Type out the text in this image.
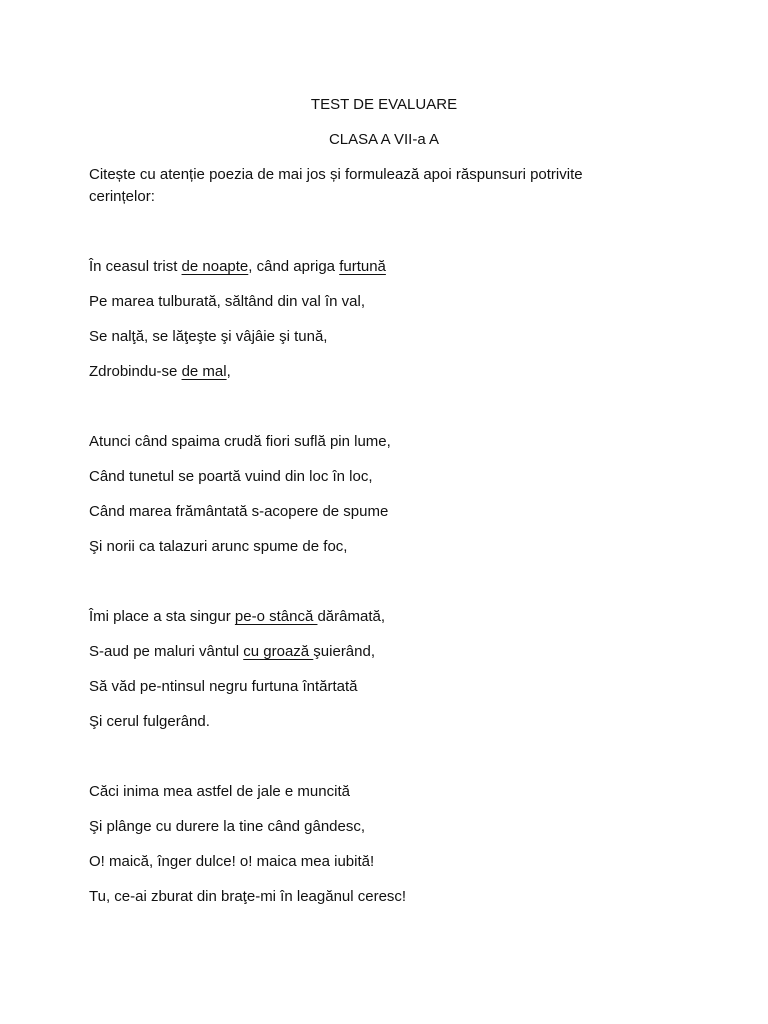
TEST DE EVALUARE
CLASA A VII-a A
Citește cu atenție poezia de mai jos și formulează apoi răspunsuri potrivite cerințelor:
În ceasul trist de noapte, când apriga furtună
Pe marea tulburată, săltând din val în val,
Se nalţă, se lăţeşte şi vâjâie şi tună,
Zdrobindu-se de mal,
Atunci când spaima crudă fiori suflă pin lume,
Când tunetul se poartă vuind din loc în loc,
Când marea frământată s-acopere de spume
Şi norii ca talazuri arunc spume de foc,
Îmi place a sta singur pe-o stâncă dărâmată,
S-aud pe maluri vântul cu groază şuierând,
Să văd pe-ntinsul negru furtuna întărtată
Şi cerul fulgerând.
Căci inima mea astfel de jale e muncită
Şi plânge cu durere la tine când gândesc,
O! maică, înger dulce! o! maica mea iubită!
Tu, ce-ai zburat din braţe-mi în leagănul ceresc!
